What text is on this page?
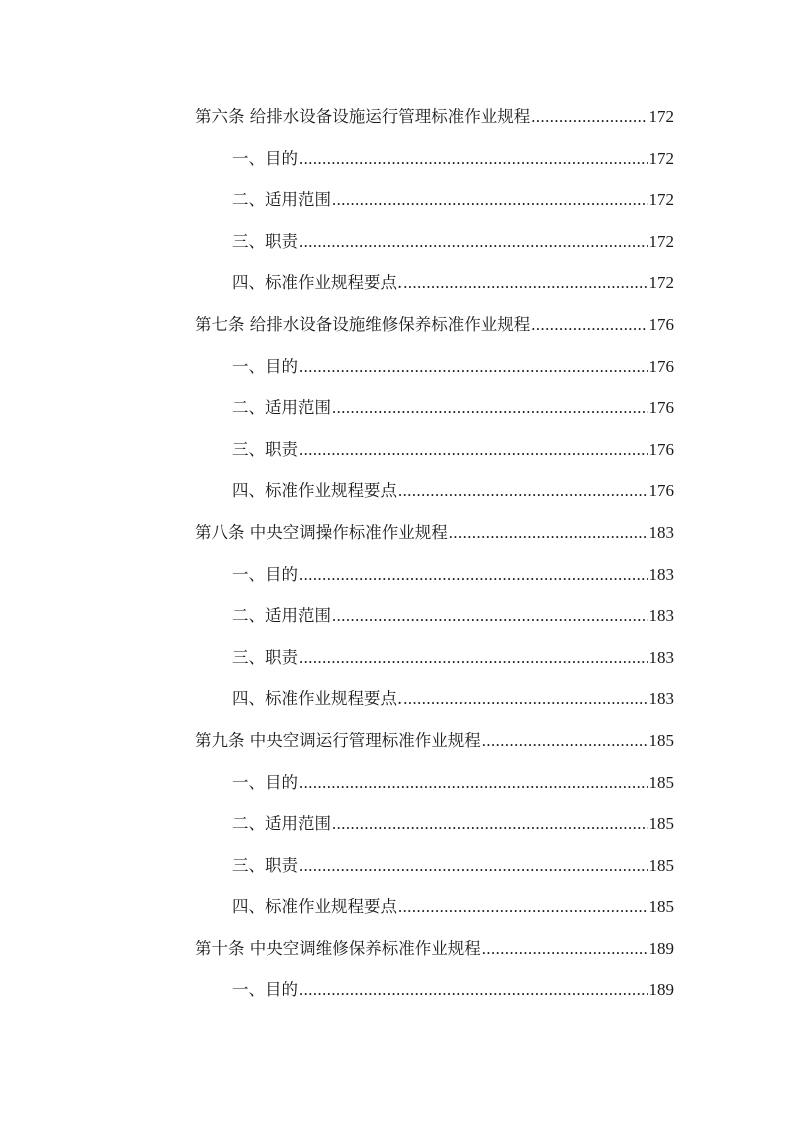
第六条 给排水设备设施运行管理标准作业规程 .....	172
一、目的 .....	172
二、适用范围 .....	172
三、职责 .....	172
四、标准作业规程要点. .....	172
第七条 给排水设备设施维修保养标准作业规程 .....	176
一、目的 .....	176
二、适用范围 .....	176
三、职责 .....	176
四、标准作业规程要点 .....	176
第八条 中央空调操作标准作业规程 .....	183
一、目的 .....	183
二、适用范围 .....	183
三、职责 .....	183
四、标准作业规程要点. .....	183
第九条 中央空调运行管理标准作业规程 .....	185
一、目的 .....	185
二、适用范围 .....	185
三、职责 .....	185
四、标准作业规程要点 .....	185
第十条 中央空调维修保养标准作业规程 .....	189
一、目的 .....	189
